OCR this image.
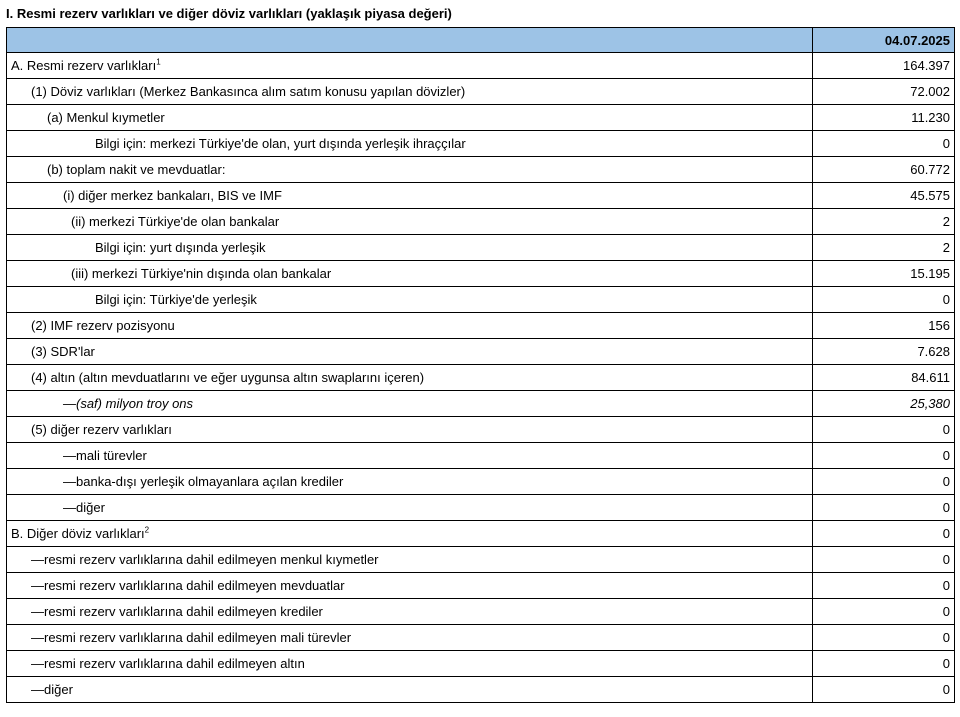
I. Resmi rezerv varlıkları ve diğer döviz varlıkları (yaklaşık piyasa değeri)
	04.07.2025
A. Resmi rezerv varlıkları$^1$	164.397
(1) Döviz varlıkları (Merkez Bankasınca alım satım konusu yapılan dövizler)	72.002
(a) Menkul kıymetler	11.230
Bilgi için: merkezi Türkiye'de olan, yurt dışında yerleşik ihraççılar	0
(b) toplam nakit ve mevduatlar:	60.772
(i) diğer merkez bankaları, BIS ve IMF	45.575
(ii) merkezi Türkiye'de olan bankalar	2
Bilgi için: yurt dışında yerleşik	2
(iii) merkezi Türkiye'nin dışında olan bankalar	15.195
Bilgi için: Türkiye'de yerleşik	0
(2) IMF rezerv pozisyonu	156
(3) SDR'lar	7.628
(4) altın (altın mevduatlarını ve eğer uygunsa altın swaplarını içeren)	84.611
—(saf) milyon troy ons	25,380
(5) diğer rezerv varlıkları	0
—mali türevler	0
—banka-dışı yerleşik olmayanlara açılan krediler	0
—diğer	0
B. Diğer döviz varlıkları$^2$	0
—resmi rezerv varlıklarına dahil edilmeyen menkul kıymetler	0
—resmi rezerv varlıklarına dahil edilmeyen mevduatlar	0
—resmi rezerv varlıklarına dahil edilmeyen krediler	0
—resmi rezerv varlıklarına dahil edilmeyen mali türevler	0
—resmi rezerv varlıklarına dahil edilmeyen altın	0
—diğer	0
